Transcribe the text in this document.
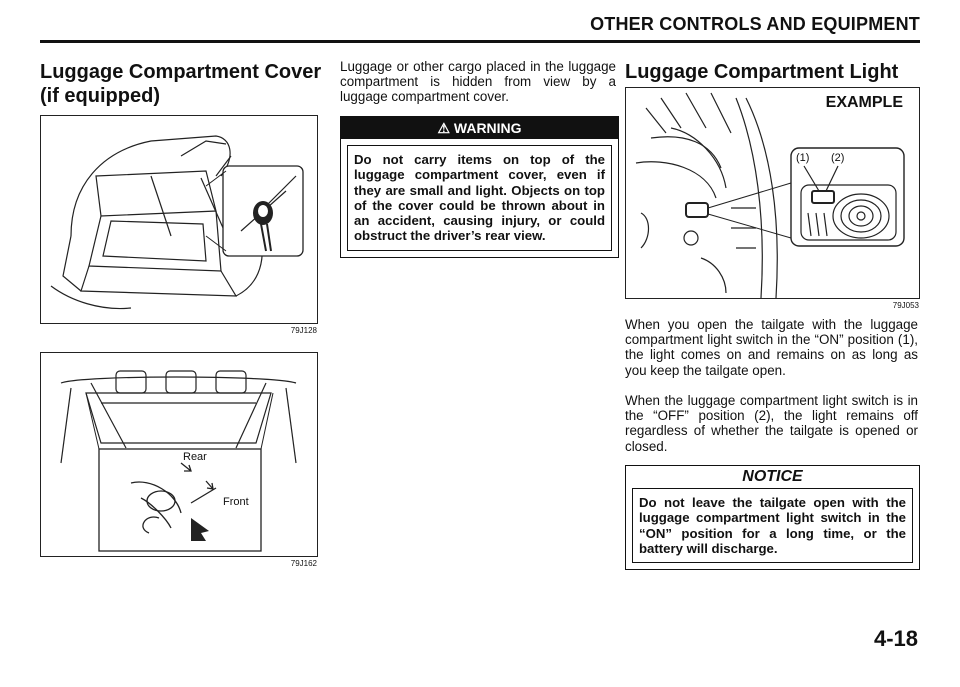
OTHER CONTROLS AND EQUIPMENT
Luggage Compartment Cover
(if equipped)
79J128
Rear
Front
79J162
Luggage or other cargo placed in the luggage compartment is hidden from view by a luggage compartment cover.
⚠ WARNING
Do not carry items on top of the luggage compartment cover, even if they are small and light. Objects on top of the cover could be thrown about in an accident, causing injury, or could obstruct the driver’s rear view.
Luggage Compartment Light
EXAMPLE
(1) (2)
79J053
When you open the tailgate with the luggage compartment light switch in the “ON” position (1), the light comes on and remains on as long as you keep the tailgate open.
When the luggage compartment light switch is in the “OFF” position (2), the light remains off regardless of whether the tailgate is opened or closed.
NOTICE
Do not leave the tailgate open with the luggage compartment light switch in the “ON” position for a long time, or the battery will discharge.
4-18
